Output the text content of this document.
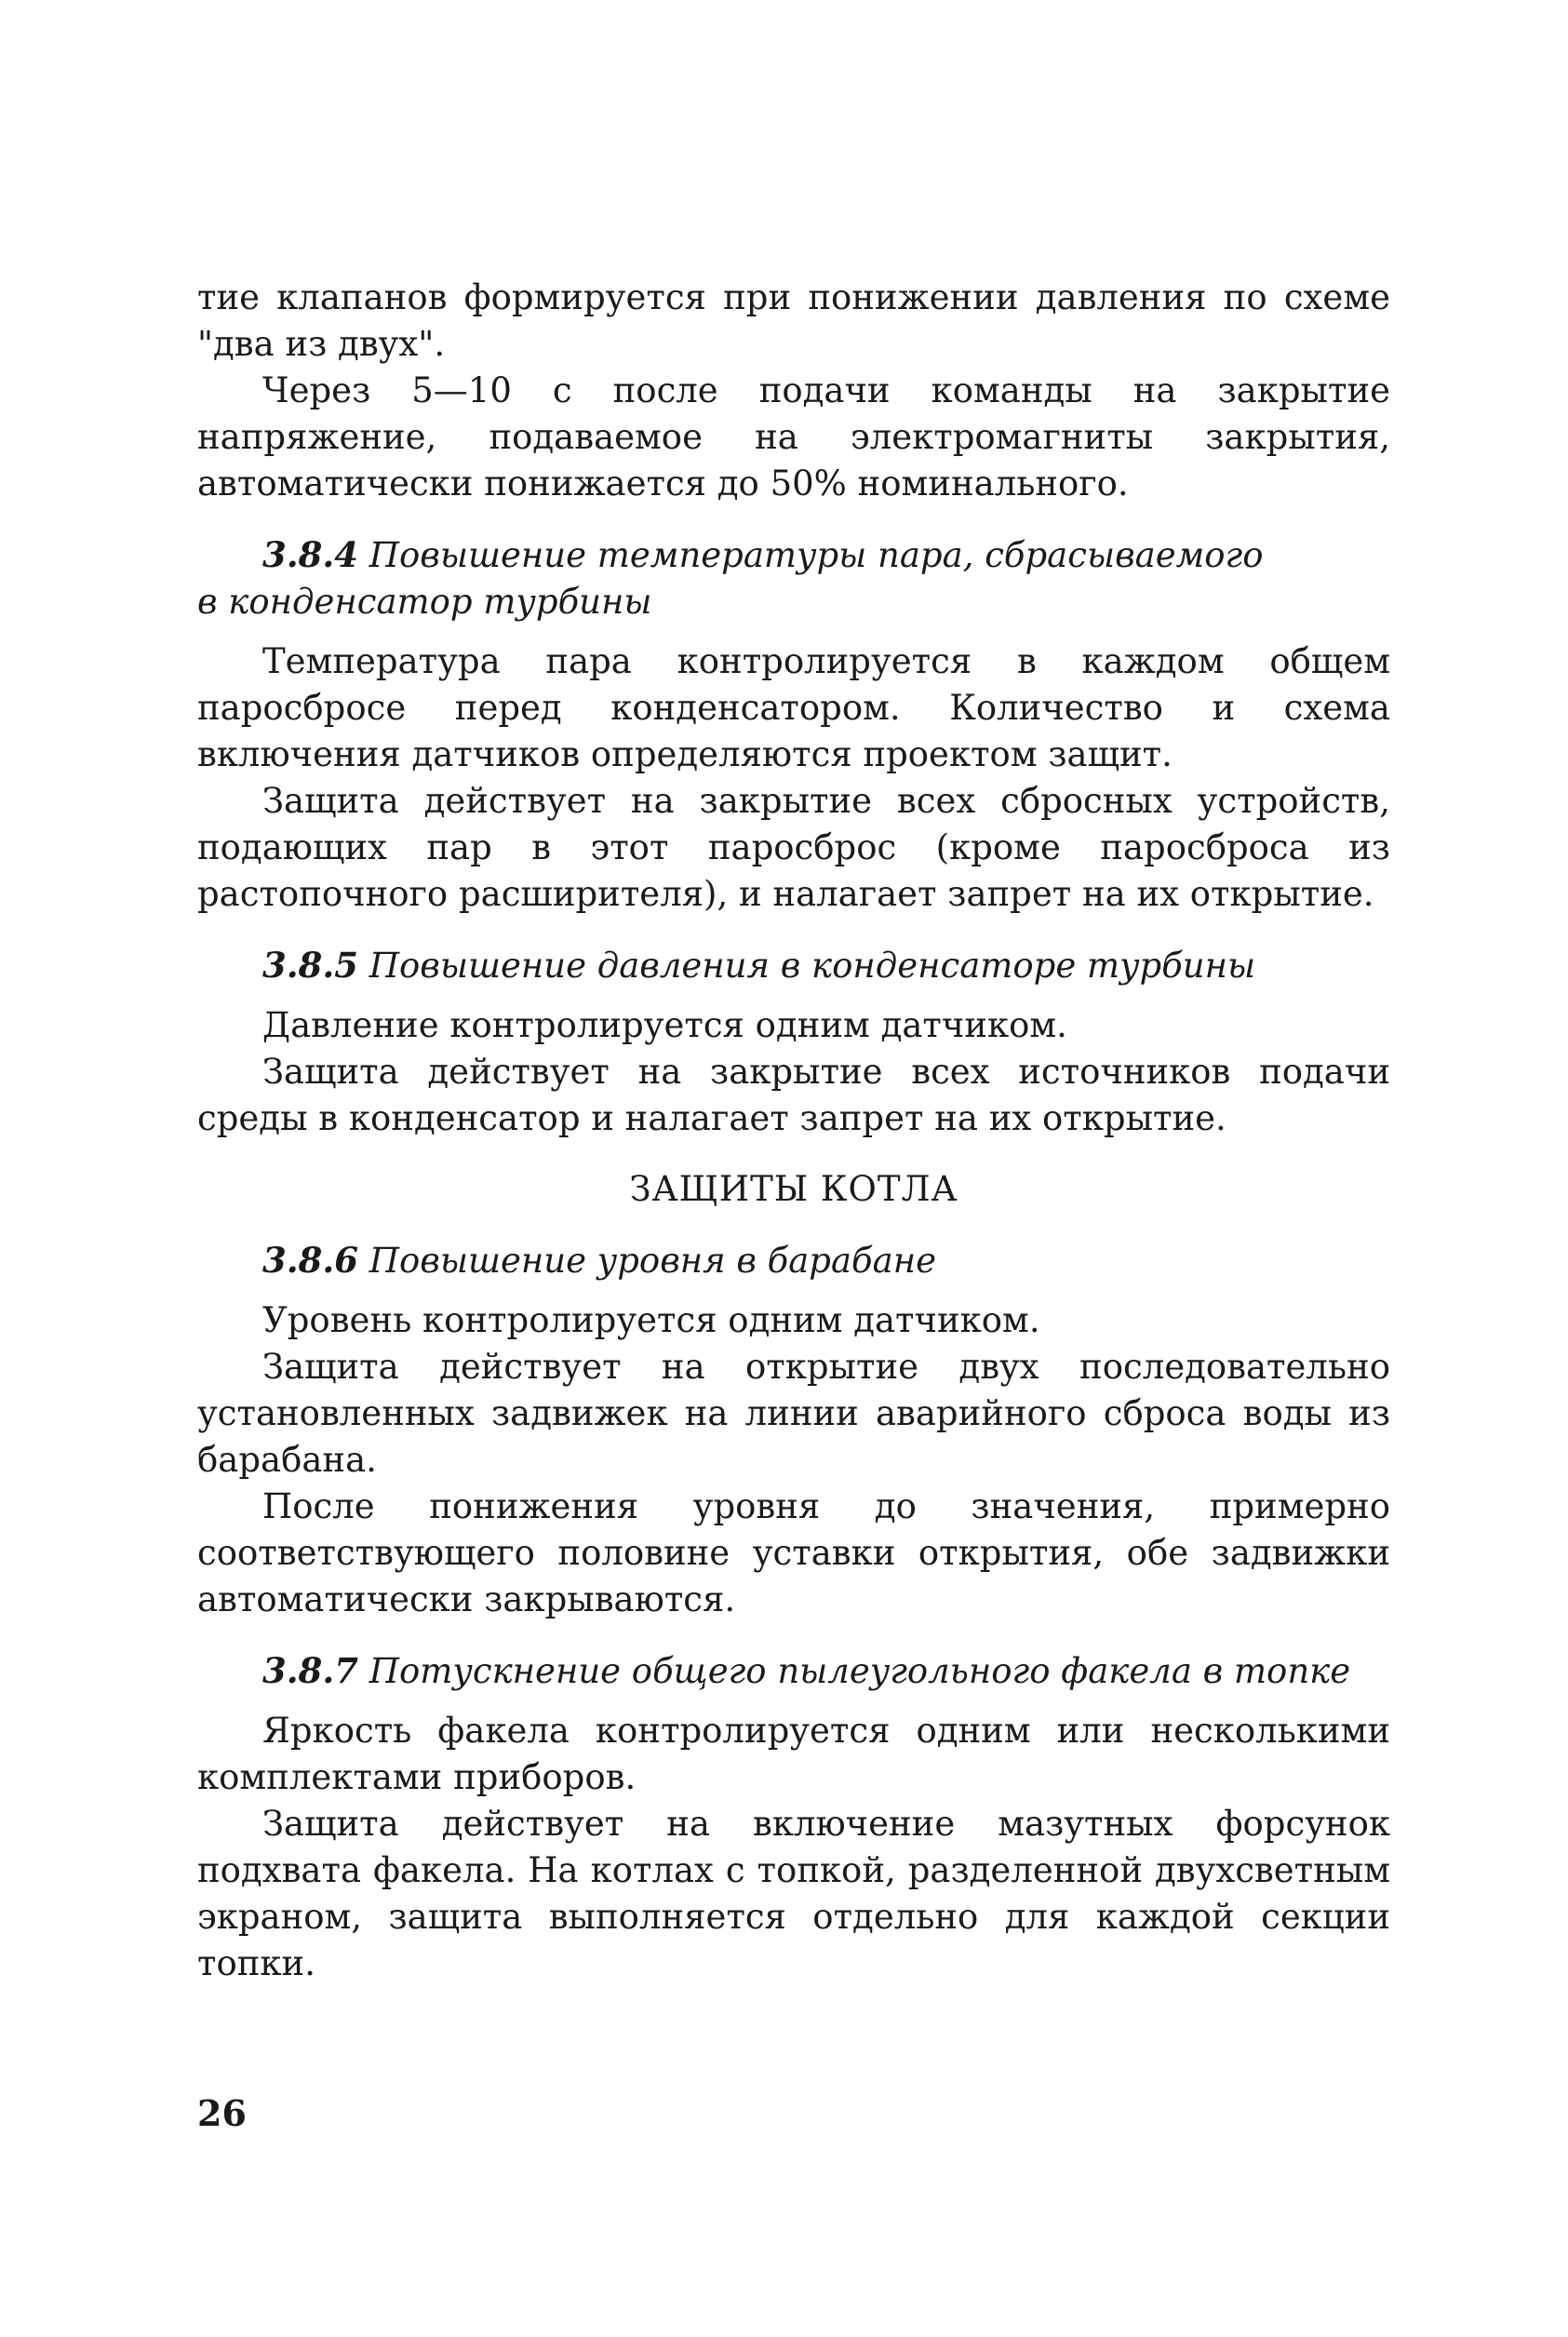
тие клапанов формируется при понижении давления по схеме "два из двух".

Через 5—10 с после подачи команды на закрытие напряжение, подаваемое на электромагниты закрытия, автоматически понижается до 50% номинального.

3.8.4 Повышение температуры пара, сбрасываемого
в конденсатор турбины

Температура пара контролируется в каждом общем паросбросе перед конденсатором. Количество и схема включения датчиков определяются проектом защит.

Защита действует на закрытие всех сбросных устройств, подающих пар в этот паросброс (кроме паросброса из растопочного расширителя), и налагает запрет на их открытие.

3.8.5 Повышение давления в конденсаторе турбины

Давление контролируется одним датчиком.

Защита действует на закрытие всех источников подачи среды в конденсатор и налагает запрет на их открытие.

ЗАЩИТЫ КОТЛА

3.8.6 Повышение уровня в барабане

Уровень контролируется одним датчиком.

Защита действует на открытие двух последовательно установленных задвижек на линии аварийного сброса воды из барабана.

После понижения уровня до значения, примерно соответствующего половине уставки открытия, обе задвижки автоматически закрываются.

3.8.7 Потускнение общего пылеугольного факела в топке

Яркость факела контролируется одним или несколькими комплектами приборов.

Защита действует на включение мазутных форсунок подхвата факела. На котлах с топкой, разделенной двухсветным экраном, защита выполняется отдельно для каждой секции топки.

26
